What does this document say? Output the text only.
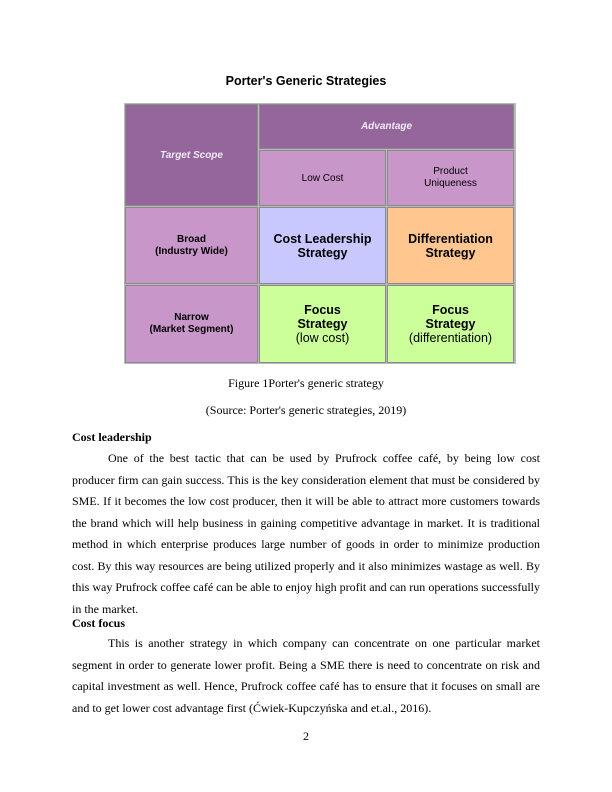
Porter's Generic Strategies
Target Scope
Advantage
Low Cost
Product
Uniqueness
Broad
(Industry Wide)
Cost Leadership
Strategy
Differentiation
Strategy
Narrow
(Market Segment)
Focus
Strategy
(low cost)
Focus
Strategy
(differentiation)
Figure 1Porter's generic strategy
(Source: Porter's generic strategies, 2019)
Cost leadership

One of the best tactic that can be used by Prufrock coffee café, by being low cost producer firm can gain success. This is the key consideration element that must be considered by SME. If it becomes the low cost producer, then it will be able to attract more customers towards the brand which will help business in gaining competitive advantage in market. It is traditional method in which enterprise produces large number of goods in order to minimize production cost. By this way resources are being utilized properly and it also minimizes wastage as well. By this way Prufrock coffee café can be able to enjoy high profit and can run operations successfully in the market.

Cost focus

This is another strategy in which company can concentrate on one particular market segment in order to generate lower profit. Being a SME there is need to concentrate on risk and capital investment as well. Hence, Prufrock coffee café has to ensure that it focuses on small are and to get lower cost advantage first (Ćwiek-Kupczyńska and et.al., 2016).

2
